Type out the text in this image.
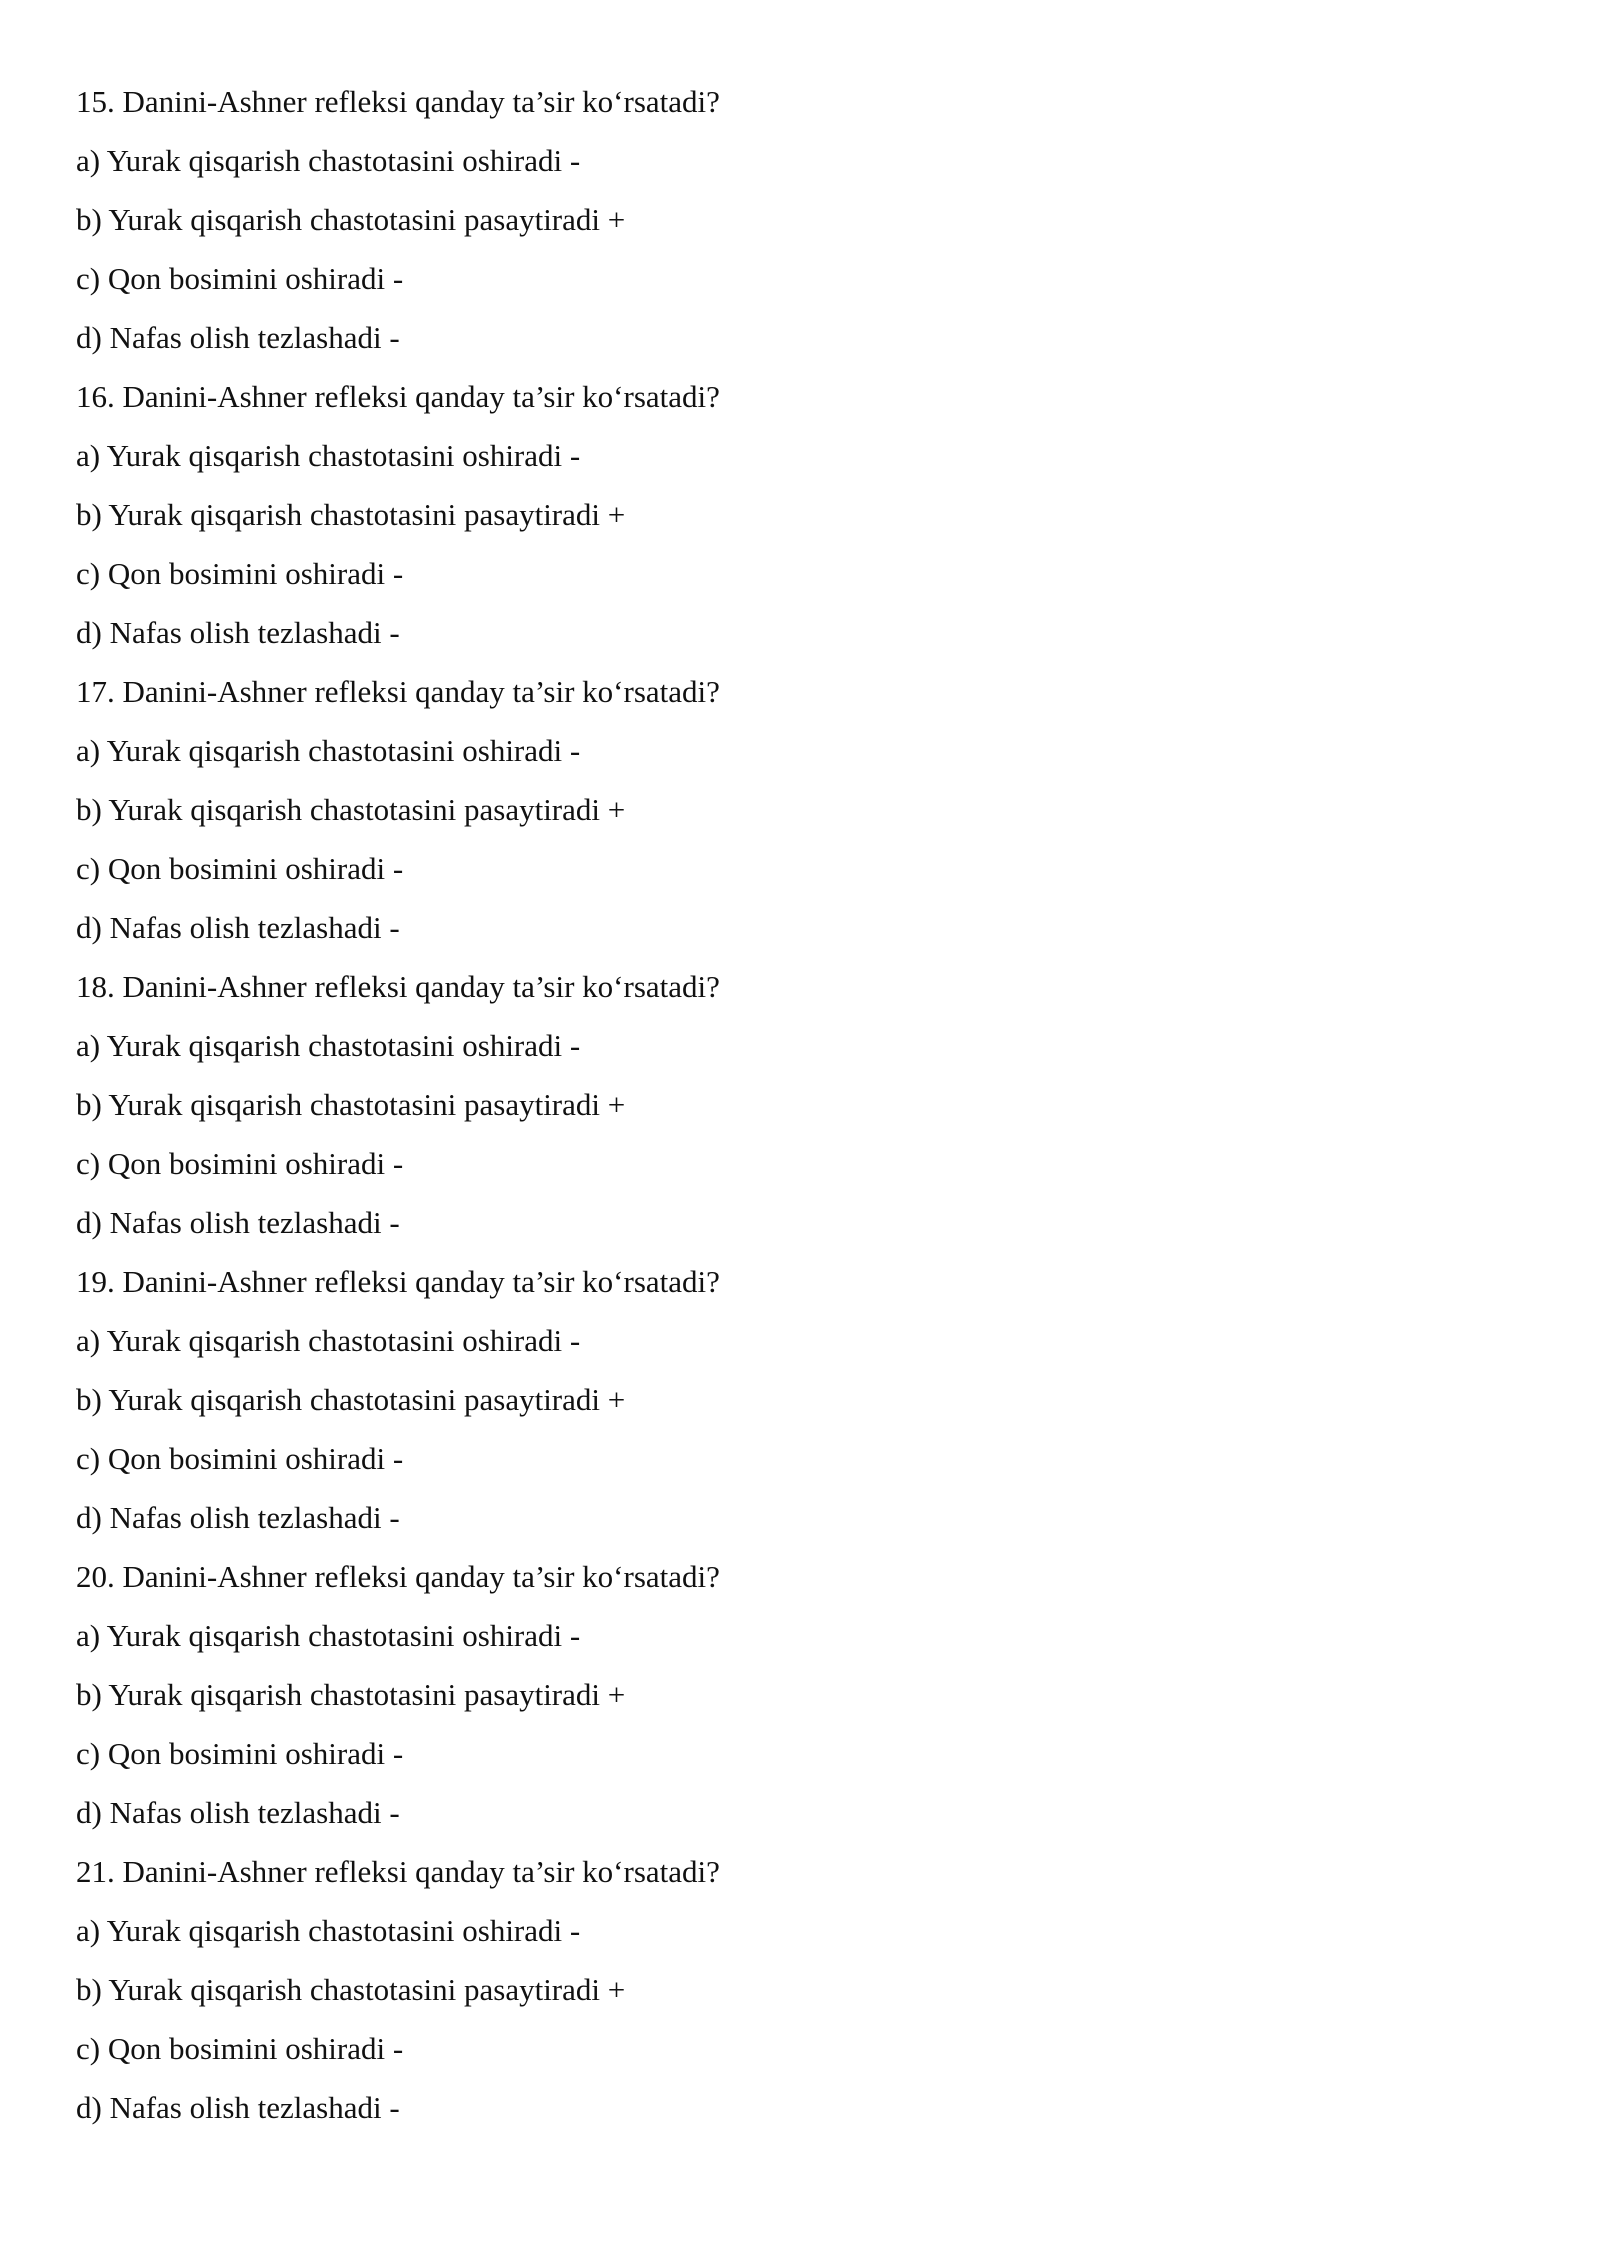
15. Danini-Ashner refleksi qanday ta’sir ko‘rsatadi?
a) Yurak qisqarish chastotasini oshiradi -
b) Yurak qisqarish chastotasini pasaytiradi +
c) Qon bosimini oshiradi -
d) Nafas olish tezlashadi -
16. Danini-Ashner refleksi qanday ta’sir ko‘rsatadi?
a) Yurak qisqarish chastotasini oshiradi -
b) Yurak qisqarish chastotasini pasaytiradi +
c) Qon bosimini oshiradi -
d) Nafas olish tezlashadi -
17. Danini-Ashner refleksi qanday ta’sir ko‘rsatadi?
a) Yurak qisqarish chastotasini oshiradi -
b) Yurak qisqarish chastotasini pasaytiradi +
c) Qon bosimini oshiradi -
d) Nafas olish tezlashadi -
18. Danini-Ashner refleksi qanday ta’sir ko‘rsatadi?
a) Yurak qisqarish chastotasini oshiradi -
b) Yurak qisqarish chastotasini pasaytiradi +
c) Qon bosimini oshiradi -
d) Nafas olish tezlashadi -
19. Danini-Ashner refleksi qanday ta’sir ko‘rsatadi?
a) Yurak qisqarish chastotasini oshiradi -
b) Yurak qisqarish chastotasini pasaytiradi +
c) Qon bosimini oshiradi -
d) Nafas olish tezlashadi -
20. Danini-Ashner refleksi qanday ta’sir ko‘rsatadi?
a) Yurak qisqarish chastotasini oshiradi -
b) Yurak qisqarish chastotasini pasaytiradi +
c) Qon bosimini oshiradi -
d) Nafas olish tezlashadi -
21. Danini-Ashner refleksi qanday ta’sir ko‘rsatadi?
a) Yurak qisqarish chastotasini oshiradi -
b) Yurak qisqarish chastotasini pasaytiradi +
c) Qon bosimini oshiradi -
d) Nafas olish tezlashadi -
